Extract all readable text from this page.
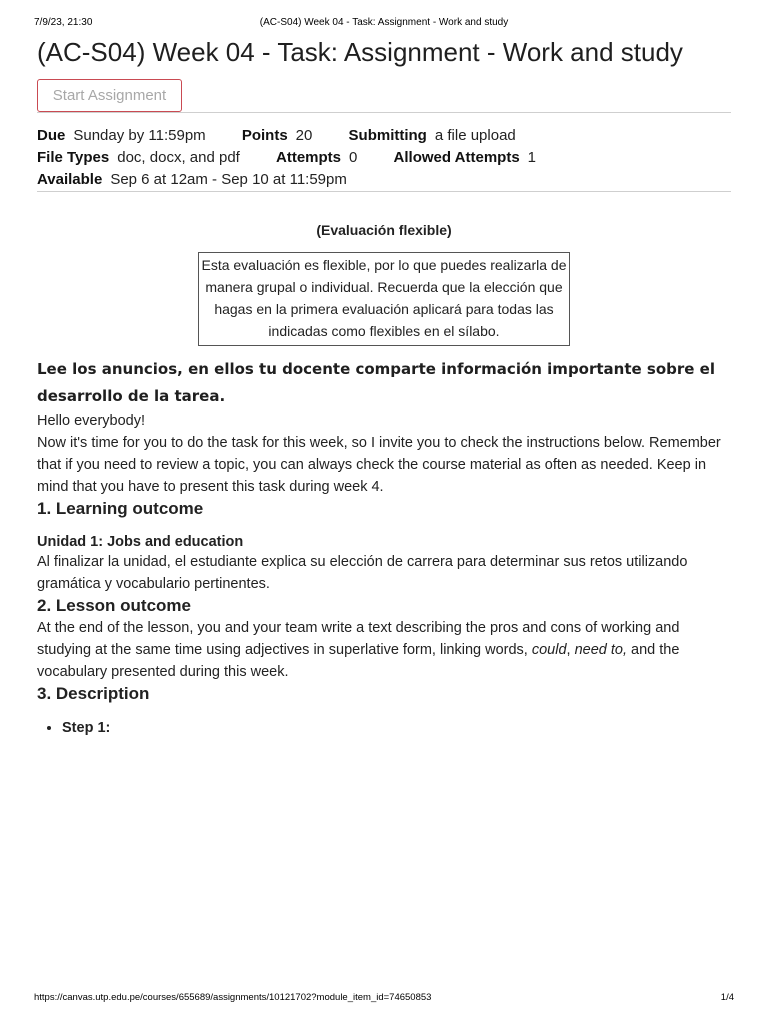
7/9/23, 21:30	(AC-S04) Week 04 - Task: Assignment - Work and study
(AC-S04) Week 04 - Task: Assignment - Work and study
Start Assignment
Due Sunday by 11:59pm Points 20 Submitting a file upload
File Types doc, docx, and pdf Attempts 0 Allowed Attempts 1
Available Sep 6 at 12am - Sep 10 at 11:59pm
(Evaluación flexible)
Esta evaluación es flexible, por lo que puedes realizarla de manera grupal o individual. Recuerda que la elección que hagas en la primera evaluación aplicará para todas las indicadas como flexibles en el sílabo.
Lee los anuncios, en ellos tu docente comparte información importante sobre el desarrollo de la tarea.

Hello everybody!

Now it's time for you to do the task for this week, so I invite you to check the instructions below. Remember that if you need to review a topic, you can always check the course material as often as needed. Keep in mind that you have to present this task during week 4.

1. Learning outcome
Unidad 1: Jobs and education

Al finalizar la unidad, el estudiante explica su elección de carrera para determinar sus retos utilizando gramática y vocabulario pertinentes.

2. Lesson outcome

At the end of the lesson, you and your team write a text describing the pros and cons of working and studying at the same time using adjectives in superlative form, linking words, could, need to, and the vocabulary presented during this week.

3. Description
• Step 1:
https://canvas.utp.edu.pe/courses/655689/assignments/10121702?module_item_id=74650853	1/4
